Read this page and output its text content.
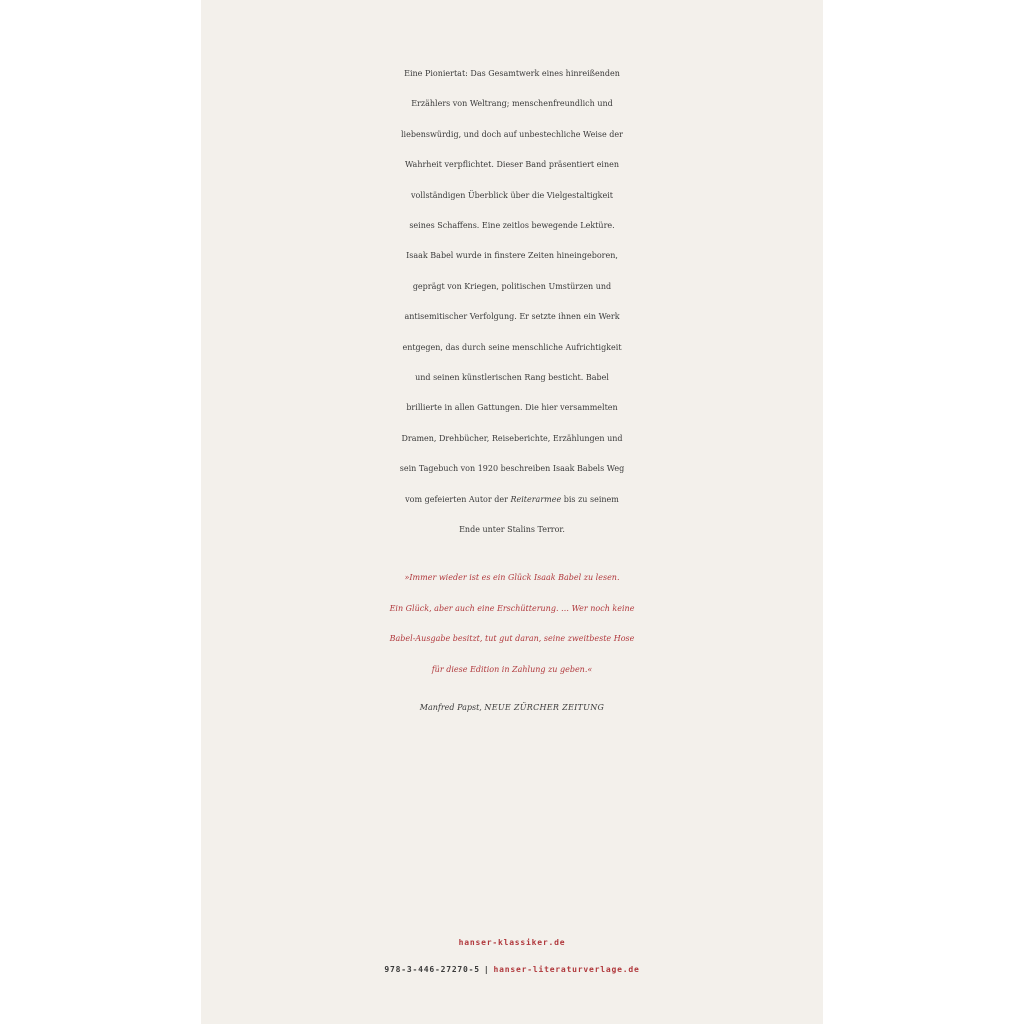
Eine Pioniertat: Das Gesamtwerk eines hinreißenden
Erzählers von Weltrang; menschenfreundlich und
liebenswürdig, und doch auf unbestechliche Weise der
Wahrheit verpflichtet. Dieser Band präsentiert einen
vollständigen Überblick über die Vielgestaltigkeit
seines Schaffens. Eine zeitlos bewegende Lektüre.
Isaak Babel wurde in finstere Zeiten hineingeboren,
geprägt von Kriegen, politischen Umstürzen und
antisemitischer Verfolgung. Er setzte ihnen ein Werk
entgegen, das durch seine menschliche Aufrichtigkeit
und seinen künstlerischen Rang besticht. Babel
brillierte in allen Gattungen. Die hier versammelten
Dramen, Drehbücher, Reiseberichte, Erzählungen und
sein Tagebuch von 1920 beschreiben Isaak Babels Weg
vom gefeierten Autor der Reiterarmee bis zu seinem
Ende unter Stalins Terror.

»Immer wieder ist es ein Glück Isaak Babel zu lesen.
Ein Glück, aber auch eine Erschütterung. … Wer noch keine
Babel-Ausgabe besitzt, tut gut daran, seine zweitbeste Hose
für diese Edition in Zahlung zu geben.«

Manfred Papst, NEUE ZÜRCHER ZEITUNG
hanser-klassiker.de
978-3-446-27270-5 | hanser-literaturverlage.de
